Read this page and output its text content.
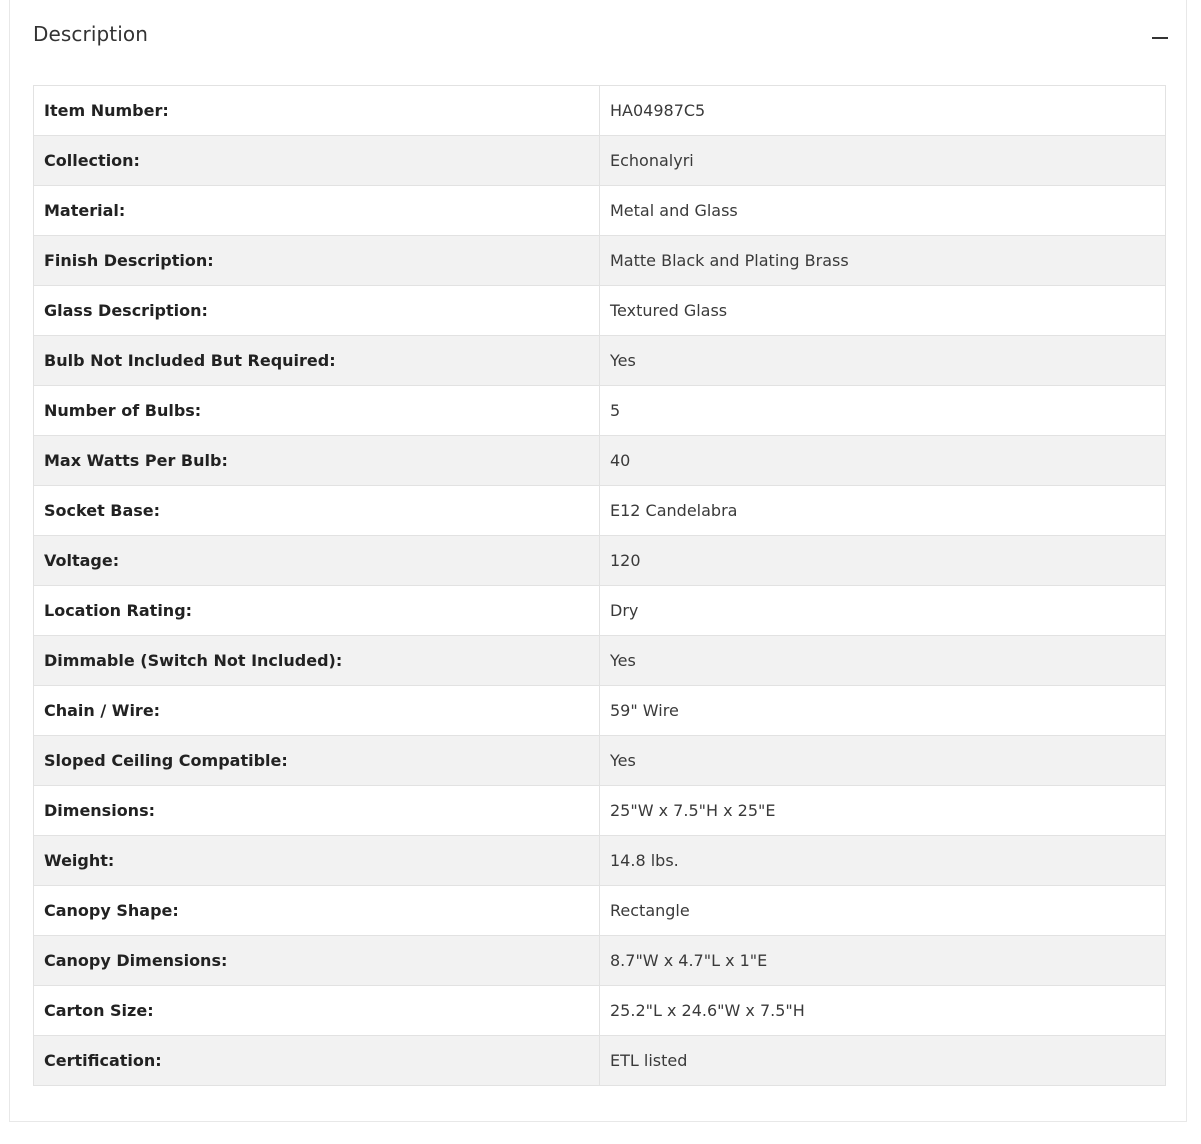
Description
Item Number:	HA04987C5
Collection:	Echonalyri
Material:	Metal and Glass
Finish Description:	Matte Black and Plating Brass
Glass Description:	Textured Glass
Bulb Not Included But Required:	Yes
Number of Bulbs:	5
Max Watts Per Bulb:	40
Socket Base:	E12 Candelabra
Voltage:	120
Location Rating:	Dry
Dimmable (Switch Not Included):	Yes
Chain / Wire:	59" Wire
Sloped Ceiling Compatible:	Yes
Dimensions:	25"W x 7.5"H x 25"E
Weight:	14.8 lbs.
Canopy Shape:	Rectangle
Canopy Dimensions:	8.7"W x 4.7"L x 1"E
Carton Size:	25.2"L x 24.6"W x 7.5"H
Certification:	ETL listed
